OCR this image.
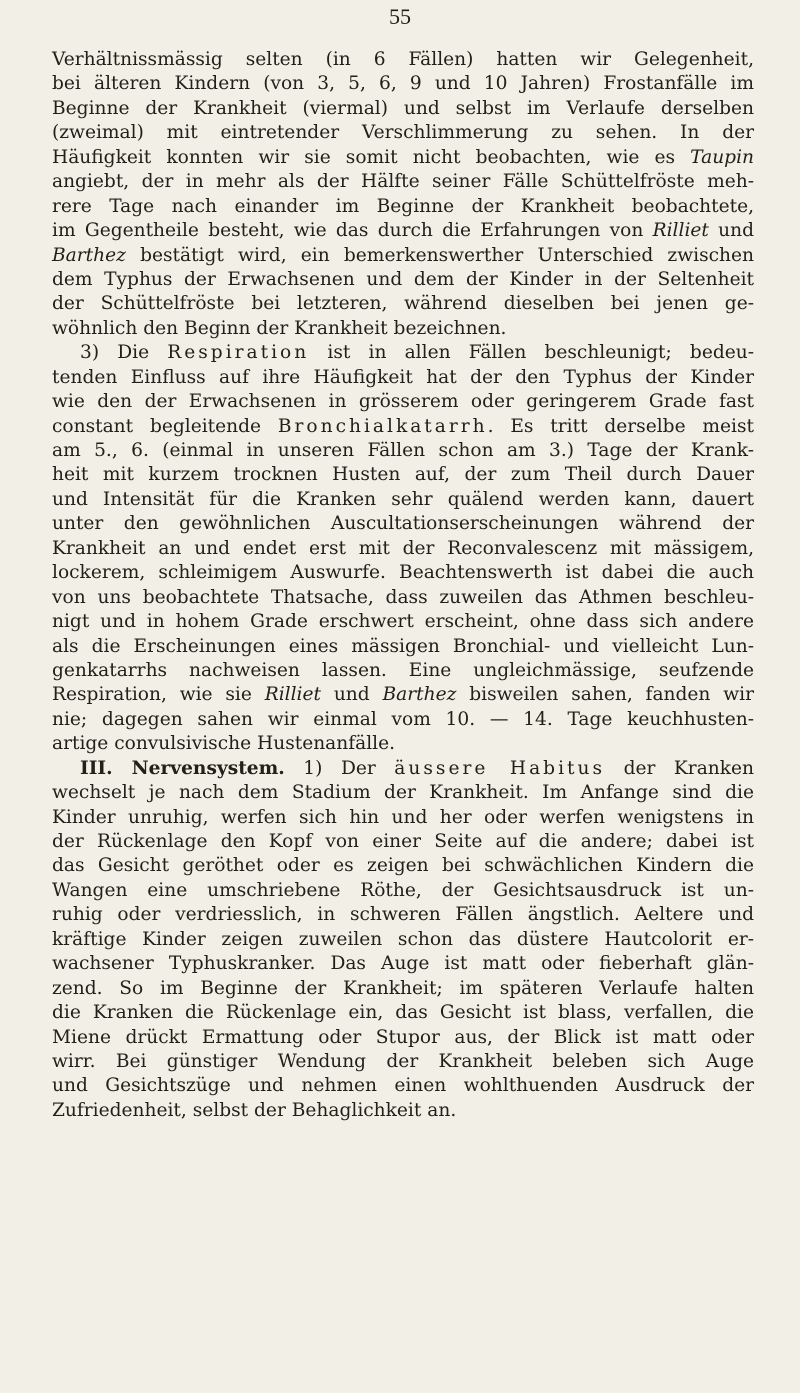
55
Verhältnissmässig selten (in 6 Fällen) hatten wir Gelegenheit,
bei älteren Kindern (von 3, 5, 6, 9 und 10 Jahren) Frostanfälle im
Beginne der Krankheit (viermal) und selbst im Verlaufe derselben
(zweimal) mit eintretender Verschlimmerung zu sehen. In der
Häufigkeit konnten wir sie somit nicht beobachten, wie es Taupin
angiebt, der in mehr als der Hälfte seiner Fälle Schüttelfröste meh-
rere Tage nach einander im Beginne der Krankheit beobachtete,
im Gegentheile besteht, wie das durch die Erfahrungen von Rilliet und
Barthez bestätigt wird, ein bemerkenswerther Unterschied zwischen
dem Typhus der Erwachsenen und dem der Kinder in der Seltenheit
der Schüttelfröste bei letzteren, während dieselben bei jenen ge-
wöhnlich den Beginn der Krankheit bezeichnen.
3) Die Respiration ist in allen Fällen beschleunigt; bedeu-
tenden Einfluss auf ihre Häufigkeit hat der den Typhus der Kinder
wie den der Erwachsenen in grösserem oder geringerem Grade fast
constant begleitende Bronchialkatarrh. Es tritt derselbe meist
am 5., 6. (einmal in unseren Fällen schon am 3.) Tage der Krank-
heit mit kurzem trocknen Husten auf, der zum Theil durch Dauer
und Intensität für die Kranken sehr quälend werden kann, dauert
unter den gewöhnlichen Auscultationserscheinungen während der
Krankheit an und endet erst mit der Reconvalescenz mit mässigem,
lockerem, schleimigem Auswurfe. Beachtenswerth ist dabei die auch
von uns beobachtete Thatsache, dass zuweilen das Athmen beschleu-
nigt und in hohem Grade erschwert erscheint, ohne dass sich andere
als die Erscheinungen eines mässigen Bronchial- und vielleicht Lun-
genkatarrhs nachweisen lassen. Eine ungleichmässige, seufzende
Respiration, wie sie Rilliet und Barthez bisweilen sahen, fanden wir
nie; dagegen sahen wir einmal vom 10. — 14. Tage keuchhusten-
artige convulsivische Hustenanfälle.
III. Nervensystem. 1) Der äussere Habitus der Kranken
wechselt je nach dem Stadium der Krankheit. Im Anfange sind die
Kinder unruhig, werfen sich hin und her oder werfen wenigstens in
der Rückenlage den Kopf von einer Seite auf die andere; dabei ist
das Gesicht geröthet oder es zeigen bei schwächlichen Kindern die
Wangen eine umschriebene Röthe, der Gesichtsausdruck ist un-
ruhig oder verdriesslich, in schweren Fällen ängstlich. Aeltere und
kräftige Kinder zeigen zuweilen schon das düstere Hautcolorit er-
wachsener Typhuskranker. Das Auge ist matt oder fieberhaft glän-
zend. So im Beginne der Krankheit; im späteren Verlaufe halten
die Kranken die Rückenlage ein, das Gesicht ist blass, verfallen, die
Miene drückt Ermattung oder Stupor aus, der Blick ist matt oder
wirr. Bei günstiger Wendung der Krankheit beleben sich Auge
und Gesichtszüge und nehmen einen wohlthuenden Ausdruck der
Zufriedenheit, selbst der Behaglichkeit an.
